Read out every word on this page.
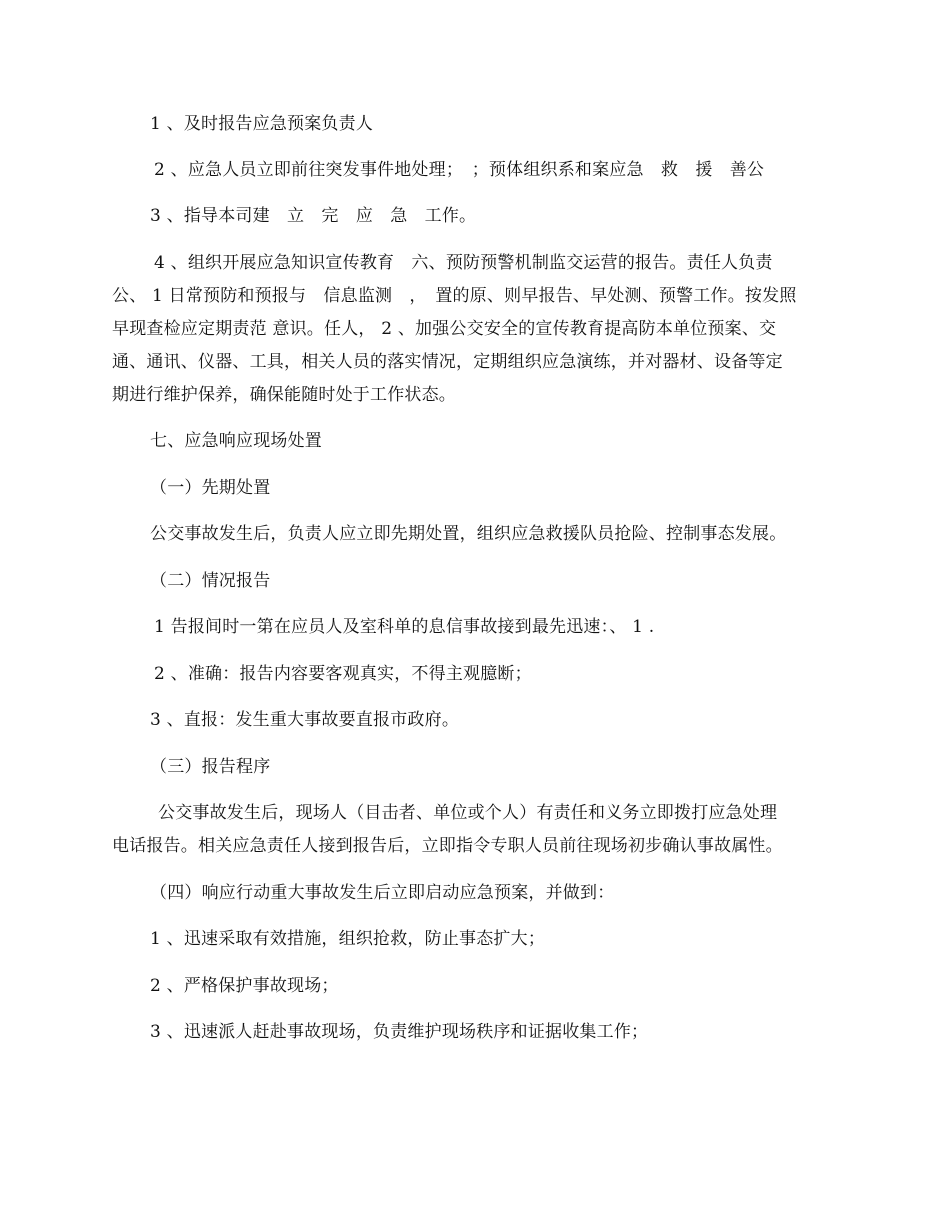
1 、及时报告应急预案负责人
2 、应急人员立即前往突发事件地处理；　；预体组织系和案应急　救　援　善公
3 、指导本司建　立　完　应　急　工作。
4 、组织开展应急知识宣传教育　六、预防预警机制监交运营的报告。责任人负责
公、 1 日常预防和预报与　信息监测　，　置的原、则早报告、早处测、预警工作。按发照
早现查检应定期责范 意识。任人， 2 、加强公交安全的宣传教育提高防本单位预案、交
通、通讯、仪器、工具，相关人员的落实情况，定期组织应急演练，并对器材、设备等定
期进行维护保养，确保能随时处于工作状态。
七、应急响应现场处置
（一）先期处置
公交事故发生后，负责人应立即先期处置，组织应急救援队员抢险、控制事态发展。
（二）情况报告
1 告报间时一第在应员人及室科单的息信事故接到最先迅速：、 1 .
2 、准确：报告内容要客观真实，不得主观臆断；
3 、直报：发生重大事故要直报市政府。
（三）报告程序
公交事故发生后，现场人（目击者、单位或个人）有责任和义务立即拨打应急处理
电话报告。相关应急责任人接到报告后，立即指令专职人员前往现场初步确认事故属性。
（四）响应行动重大事故发生后立即启动应急预案，并做到：
1 、迅速采取有效措施，组织抢救，防止事态扩大；
2 、严格保护事故现场；
3 、迅速派人赶赴事故现场，负责维护现场秩序和证据收集工作；
